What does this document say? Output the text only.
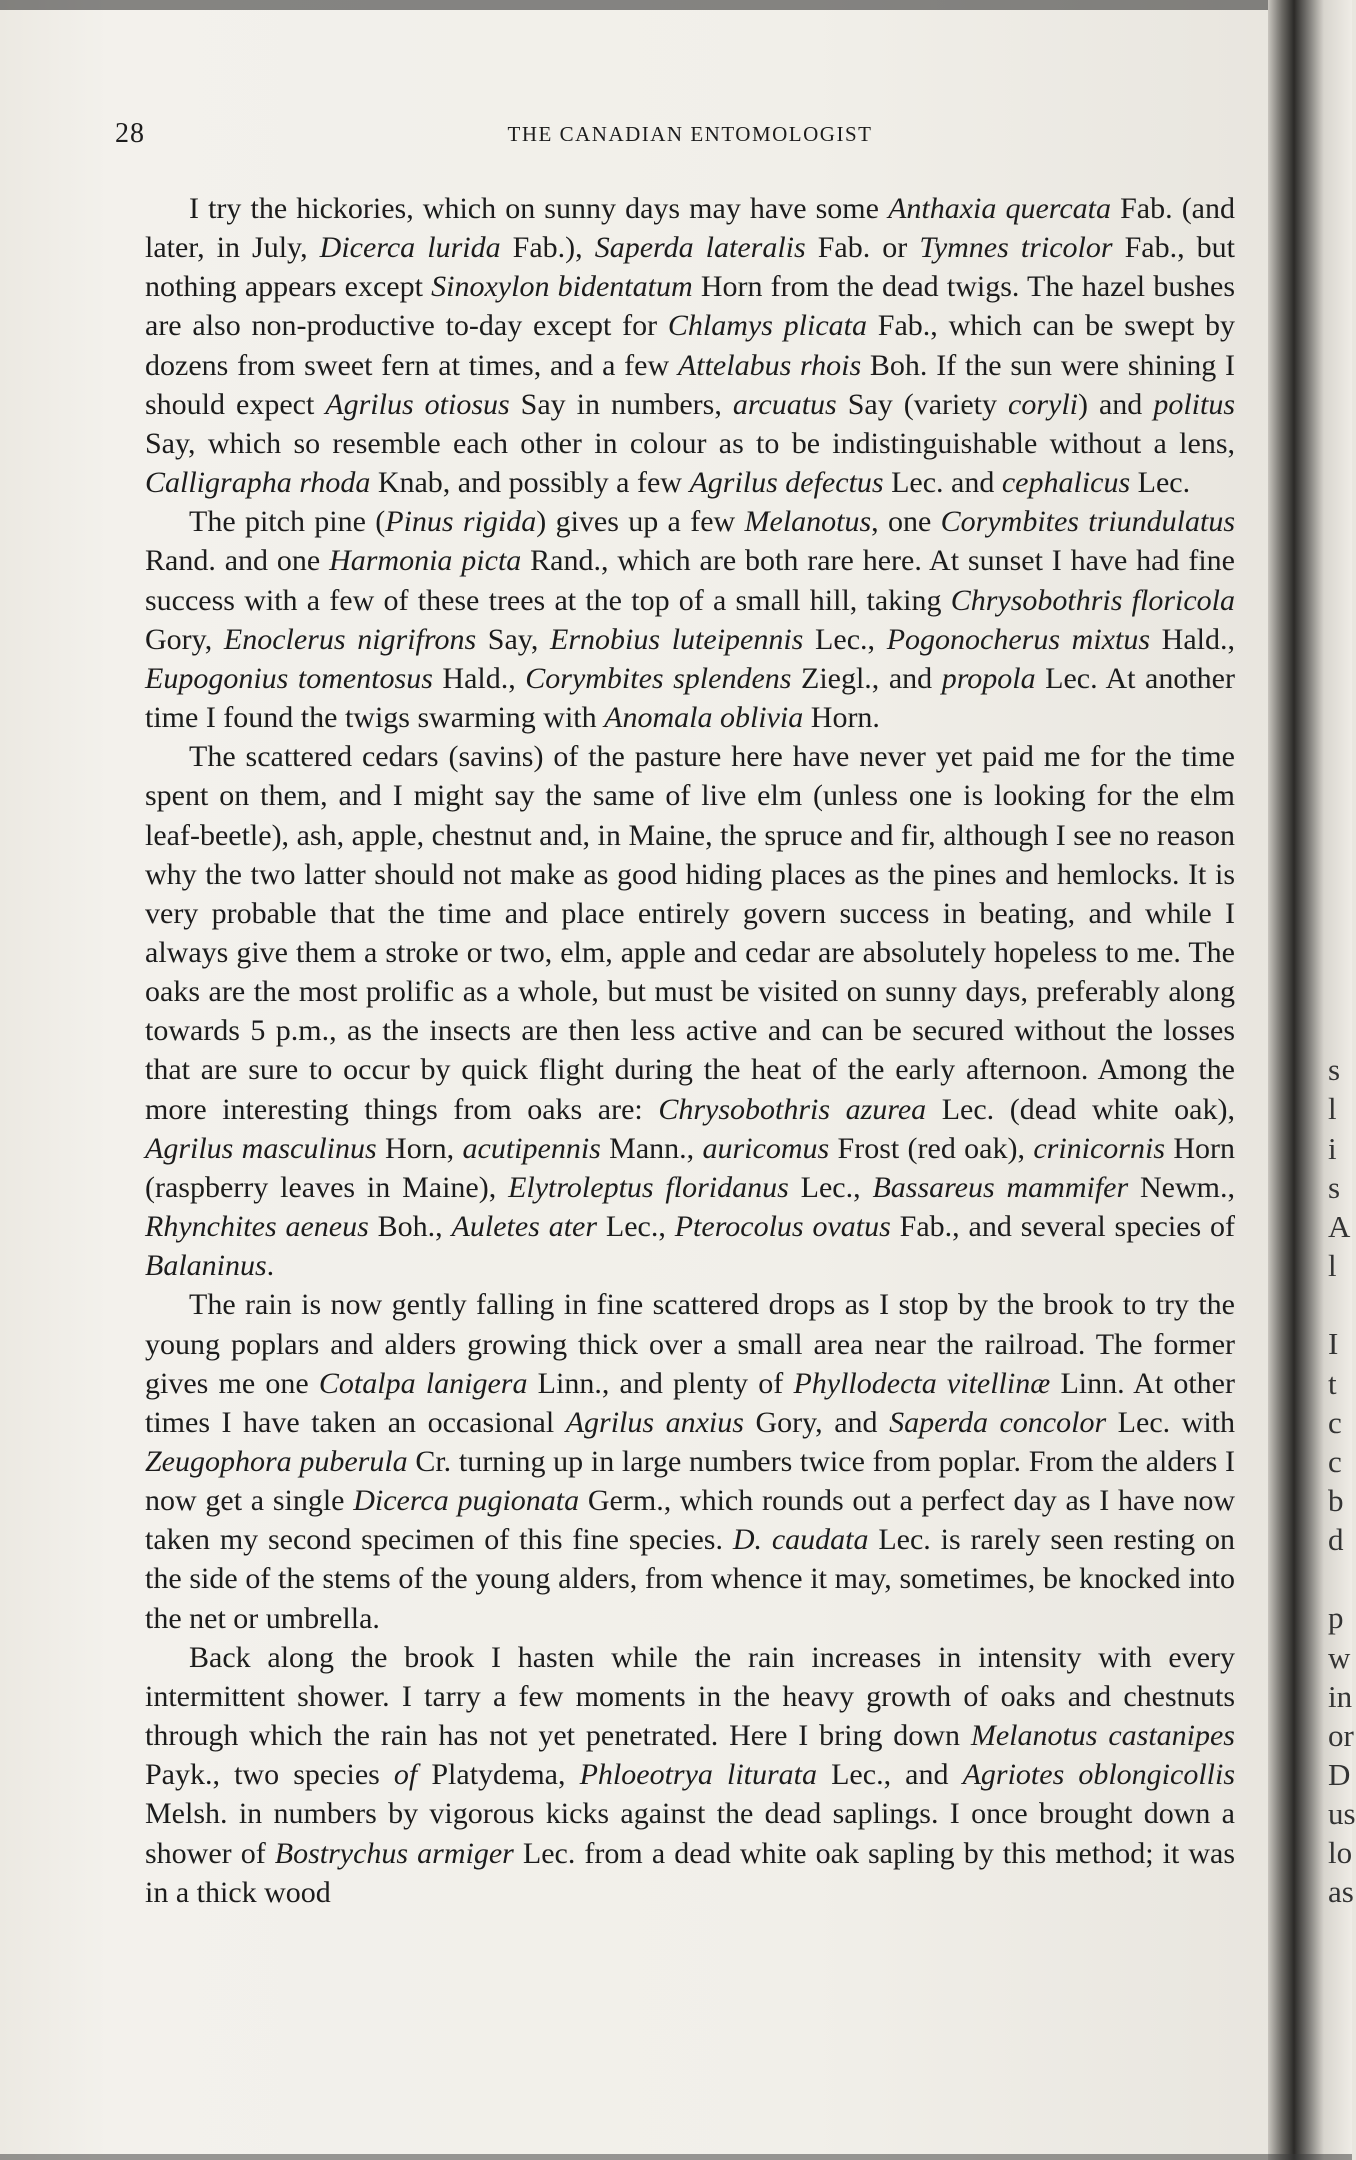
s
l
i
s
A
l
I
t
c
c
b
d
p
w
in
or
D
us
lo
as
28	THE CANADIAN ENTOMOLOGIST

I try the hickories, which on sunny days may have some Anthaxia quercata Fab. (and later, in July, Dicerca lurida Fab.), Saperda lateralis Fab. or Tymnes tricolor Fab., but nothing appears except Sinoxylon bidentatum Horn from the dead twigs. The hazel bushes are also non-productive to-day except for Chlamys plicata Fab., which can be swept by dozens from sweet fern at times, and a few Attelabus rhois Boh. If the sun were shining I should expect Agrilus otiosus Say in numbers, arcuatus Say (variety coryli) and politus Say, which so resemble each other in colour as to be indistinguishable without a lens, Calligrapha rhoda Knab, and possibly a few Agrilus defectus Lec. and cephalicus Lec.

The pitch pine (Pinus rigida) gives up a few Melanotus, one Corymbites triundulatus Rand. and one Harmonia picta Rand., which are both rare here. At sunset I have had fine success with a few of these trees at the top of a small hill, taking Chrysobothris floricola Gory, Enoclerus nigrifrons Say, Ernobius luteipennis Lec., Pogonocherus mixtus Hald., Eupogonius tomentosus Hald., Corymbites splendens Ziegl., and propola Lec. At another time I found the twigs swarming with Anomala oblivia Horn.

The scattered cedars (savins) of the pasture here have never yet paid me for the time spent on them, and I might say the same of live elm (unless one is looking for the elm leaf-beetle), ash, apple, chestnut and, in Maine, the spruce and fir, although I see no reason why the two latter should not make as good hiding places as the pines and hemlocks. It is very probable that the time and place entirely govern success in beating, and while I always give them a stroke or two, elm, apple and cedar are absolutely hopeless to me. The oaks are the most prolific as a whole, but must be visited on sunny days, preferably along towards 5 p.m., as the insects are then less active and can be secured without the losses that are sure to occur by quick flight during the heat of the early afternoon. Among the more interesting things from oaks are: Chrysobothris azurea Lec. (dead white oak), Agrilus masculinus Horn, acutipennis Mann., auricomus Frost (red oak), crinicornis Horn (raspberry leaves in Maine), Elytroleptus floridanus Lec., Bassareus mammifer Newm., Rhynchites aeneus Boh., Auletes ater Lec., Pterocolus ovatus Fab., and several species of Balaninus.

The rain is now gently falling in fine scattered drops as I stop by the brook to try the young poplars and alders growing thick over a small area near the railroad. The former gives me one Cotalpa lanigera Linn., and plenty of Phyllodecta vitellinæ Linn. At other times I have taken an occasional Agrilus anxius Gory, and Saperda concolor Lec. with Zeugophora puberula Cr. turning up in large numbers twice from poplar. From the alders I now get a single Dicerca pugionata Germ., which rounds out a perfect day as I have now taken my second specimen of this fine species. D. caudata Lec. is rarely seen resting on the side of the stems of the young alders, from whence it may, sometimes, be knocked into the net or umbrella.

Back along the brook I hasten while the rain increases in intensity with every intermittent shower. I tarry a few moments in the heavy growth of oaks and chestnuts through which the rain has not yet penetrated. Here I bring down Melanotus castanipes Payk., two species of Platydema, Phloeotrya liturata Lec., and Agriotes oblongicollis Melsh. in numbers by vigorous kicks against the dead saplings. I once brought down a shower of Bostrychus armiger Lec. from a dead white oak sapling by this method; it was in a thick wood
